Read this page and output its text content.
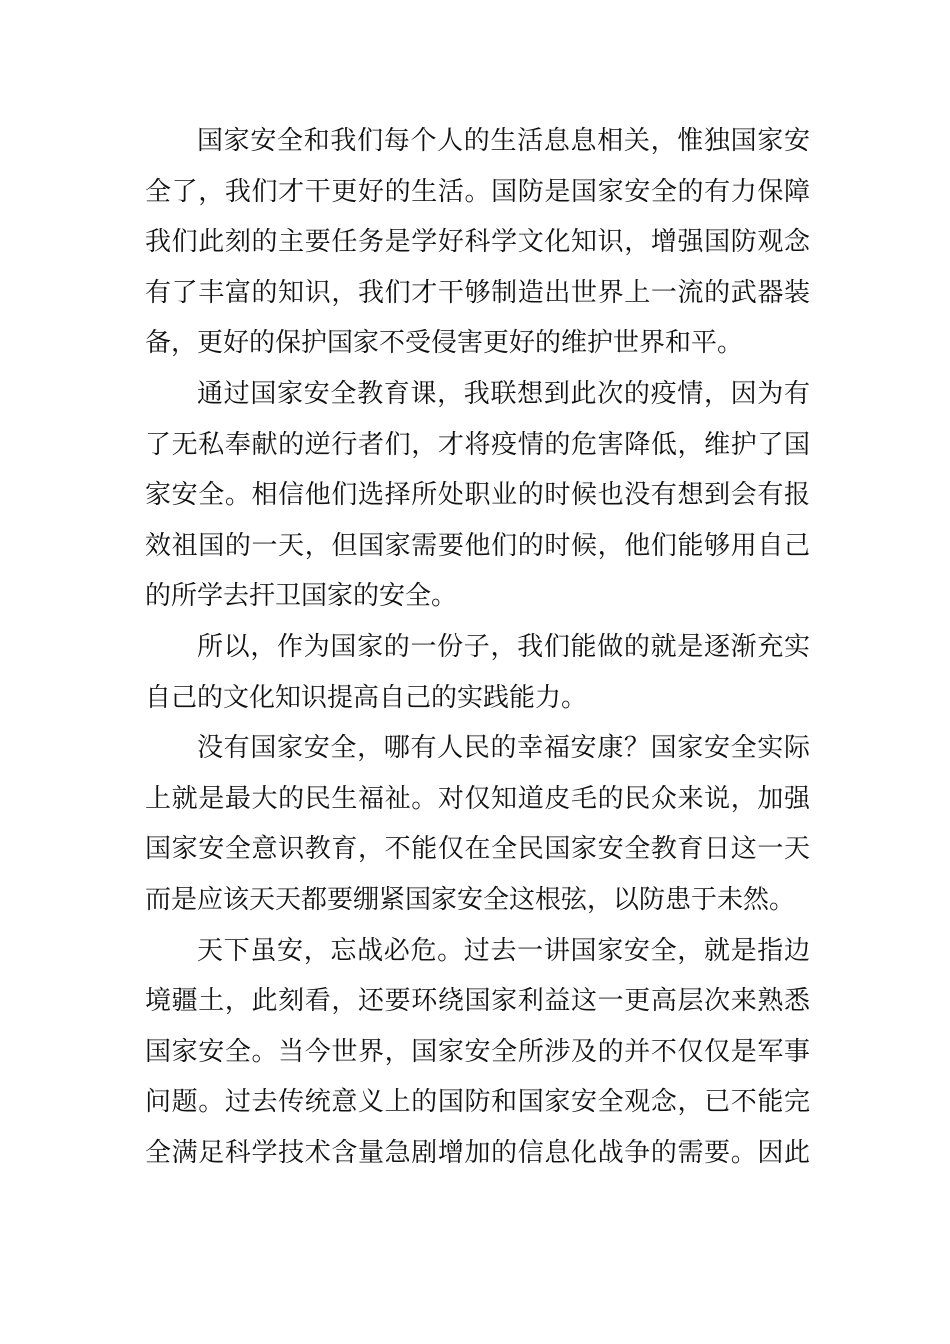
国家安全和我们每个人的生活息息相关，惟独国家安
全了，我们才干更好的生活。国防是国家安全的有力保障
我们此刻的主要任务是学好科学文化知识，增强国防观念
有了丰富的知识，我们才干够制造出世界上一流的武器装
备，更好的保护国家不受侵害更好的维护世界和平。
通过国家安全教育课，我联想到此次的疫情，因为有
了无私奉献的逆行者们，才将疫情的危害降低，维护了国
家安全。相信他们选择所处职业的时候也没有想到会有报
效祖国的一天，但国家需要他们的时候，他们能够用自己
的所学去扞卫国家的安全。
所以，作为国家的一份子，我们能做的就是逐渐充实
自己的文化知识提高自己的实践能力。
没有国家安全，哪有人民的幸福安康？国家安全实际
上就是最大的民生福祉。对仅知道皮毛的民众来说，加强
国家安全意识教育，不能仅在全民国家安全教育日这一天
而是应该天天都要绷紧国家安全这根弦，以防患于未然。
天下虽安，忘战必危。过去一讲国家安全，就是指边
境疆土，此刻看，还要环绕国家利益这一更高层次来熟悉
国家安全。当今世界，国家安全所涉及的并不仅仅是军事
问题。过去传统意义上的国防和国家安全观念，已不能完
全满足科学技术含量急剧增加的信息化战争的需要。因此
